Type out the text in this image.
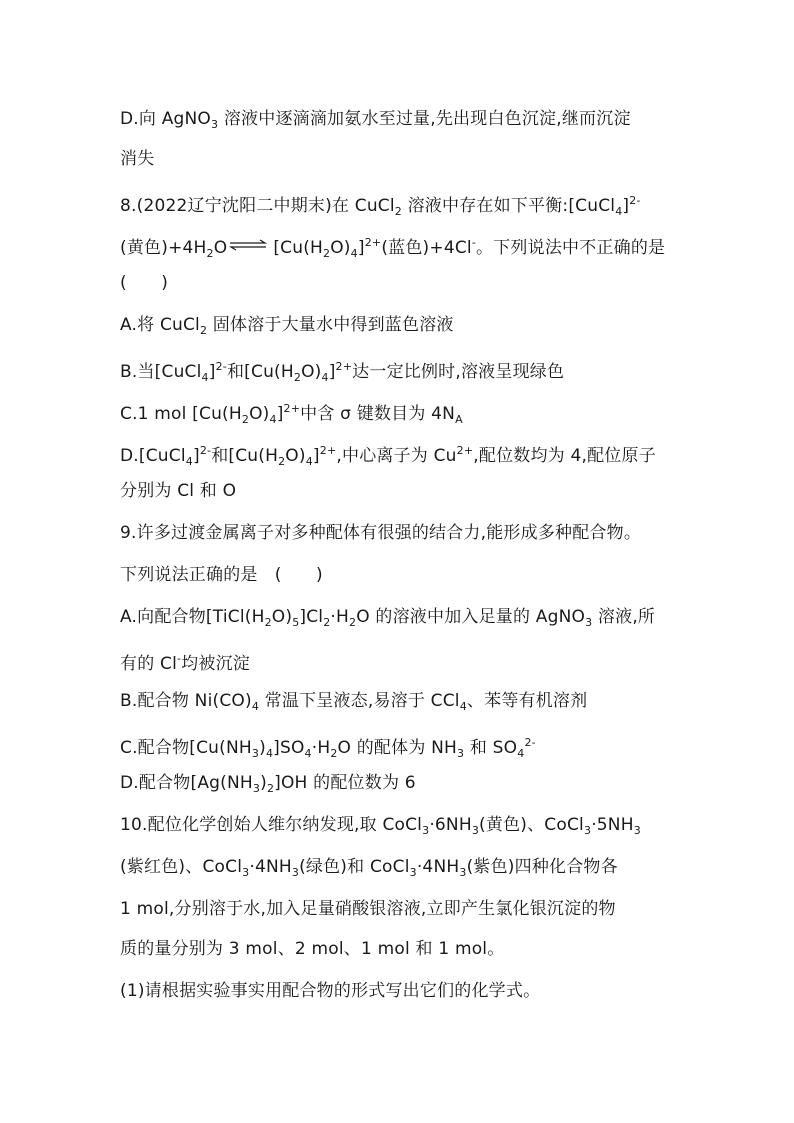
D.向 AgNO$_3$ 溶液中逐滴滴加氨水至过量,先出现白色沉淀,继而沉淀
消失
8.(2022辽宁沈阳二中期末)在 CuCl$_2$ 溶液中存在如下平衡:[CuCl$_4$]$^{2-}$
(黄色)$+4H_2O$ ⇌ $[Cu(H_2O)_4]^{2+}$(蓝色)+4Cl-。下列说法中不正确的是
(　　)
A.将 CuCl$_2$ 固体溶于大量水中得到蓝色溶液
B.当[CuCl$_4$]$^{2-}$和$[Cu(H_2O)_4]^{2+}$达一定比例时,溶液呈现绿色
C.1 mol $[Cu(H_2O)_4]^{2+}$中含 σ 键数目为 $4N_A$
D.[CuCl$_4$]$^{2-}$和$[Cu(H_2O)_4]^{2+}$,中心离子为 $Cu^{2+}$,配位数均为 4,配位原子
分别为 Cl 和 O
9.许多过渡金属离子对多种配体有很强的结合力,能形成多种配合物。
下列说法正确的是　(　　)
A.向配合物$[TiCl(H_2O)_5]Cl_2\cdot H_2O$ 的溶液中加入足量的 AgNO$_3$ 溶液,所
有的 Cl-均被沉淀
B.配合物 $Ni(CO)_4$ 常温下呈液态,易溶于 CCl$_4$、苯等有机溶剂
C.配合物$[Cu(NH_3)_4]SO_4\cdot H_2O$ 的配体为 $NH_3$ 和 $SO_4^{2-}$
D.配合物$[Ag(NH_3)_2]OH$ 的配位数为 6
10.配位化学创始人维尔纳发现,取 $CoCl_3\cdot 6NH_3$(黄色)、$CoCl_3\cdot 5NH_3$
(紫红色)、$CoCl_3\cdot 4NH_3$(绿色)和 $CoCl_3\cdot 4NH_3$(紫色)四种化合物各
1 mol,分别溶于水,加入足量硝酸银溶液,立即产生氯化银沉淀的物
质的量分别为 3 mol、2 mol、1 mol 和 1 mol。
(1)请根据实验事实用配合物的形式写出它们的化学式。
